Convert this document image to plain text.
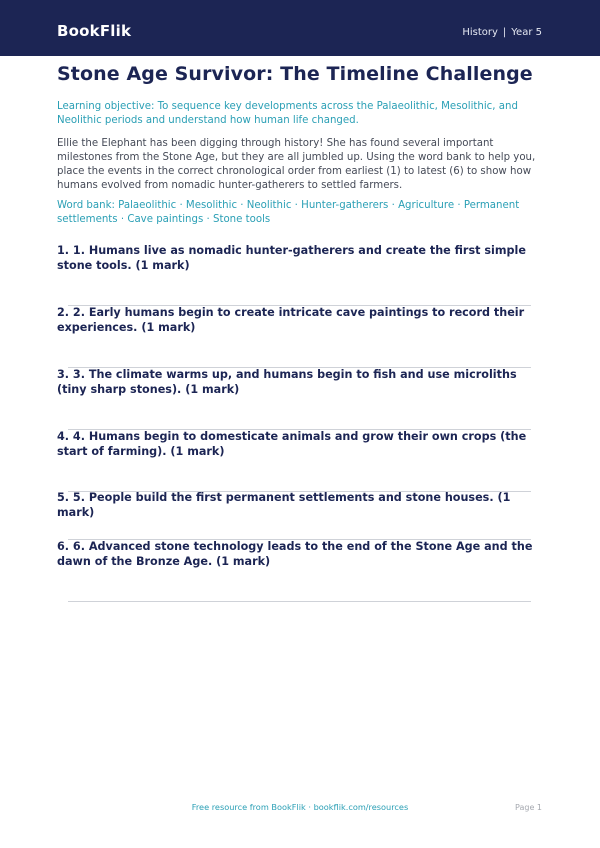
BookFlik	History | Year 5
Stone Age Survivor: The Timeline Challenge
Learning objective: To sequence key developments across the Palaeolithic, Mesolithic, and Neolithic periods and understand how human life changed.
Ellie the Elephant has been digging through history! She has found several important milestones from the Stone Age, but they are all jumbled up. Using the word bank to help you, place the events in the correct chronological order from earliest (1) to latest (6) to show how humans evolved from nomadic hunter-gatherers to settled farmers.
Word bank: Palaeolithic · Mesolithic · Neolithic · Hunter-gatherers · Agriculture · Permanent settlements · Cave paintings · Stone tools
1. 1. Humans live as nomadic hunter-gatherers and create the first simple stone tools. (1 mark)
2. 2. Early humans begin to create intricate cave paintings to record their experiences. (1 mark)
3. 3. The climate warms up, and humans begin to fish and use microliths (tiny sharp stones). (1 mark)
4. 4. Humans begin to domesticate animals and grow their own crops (the start of farming). (1 mark)
5. 5. People build the first permanent settlements and stone houses. (1 mark)
6. 6. Advanced stone technology leads to the end of the Stone Age and the dawn of the Bronze Age. (1 mark)
Free resource from BookFlik · bookflik.com/resources	Page 1
